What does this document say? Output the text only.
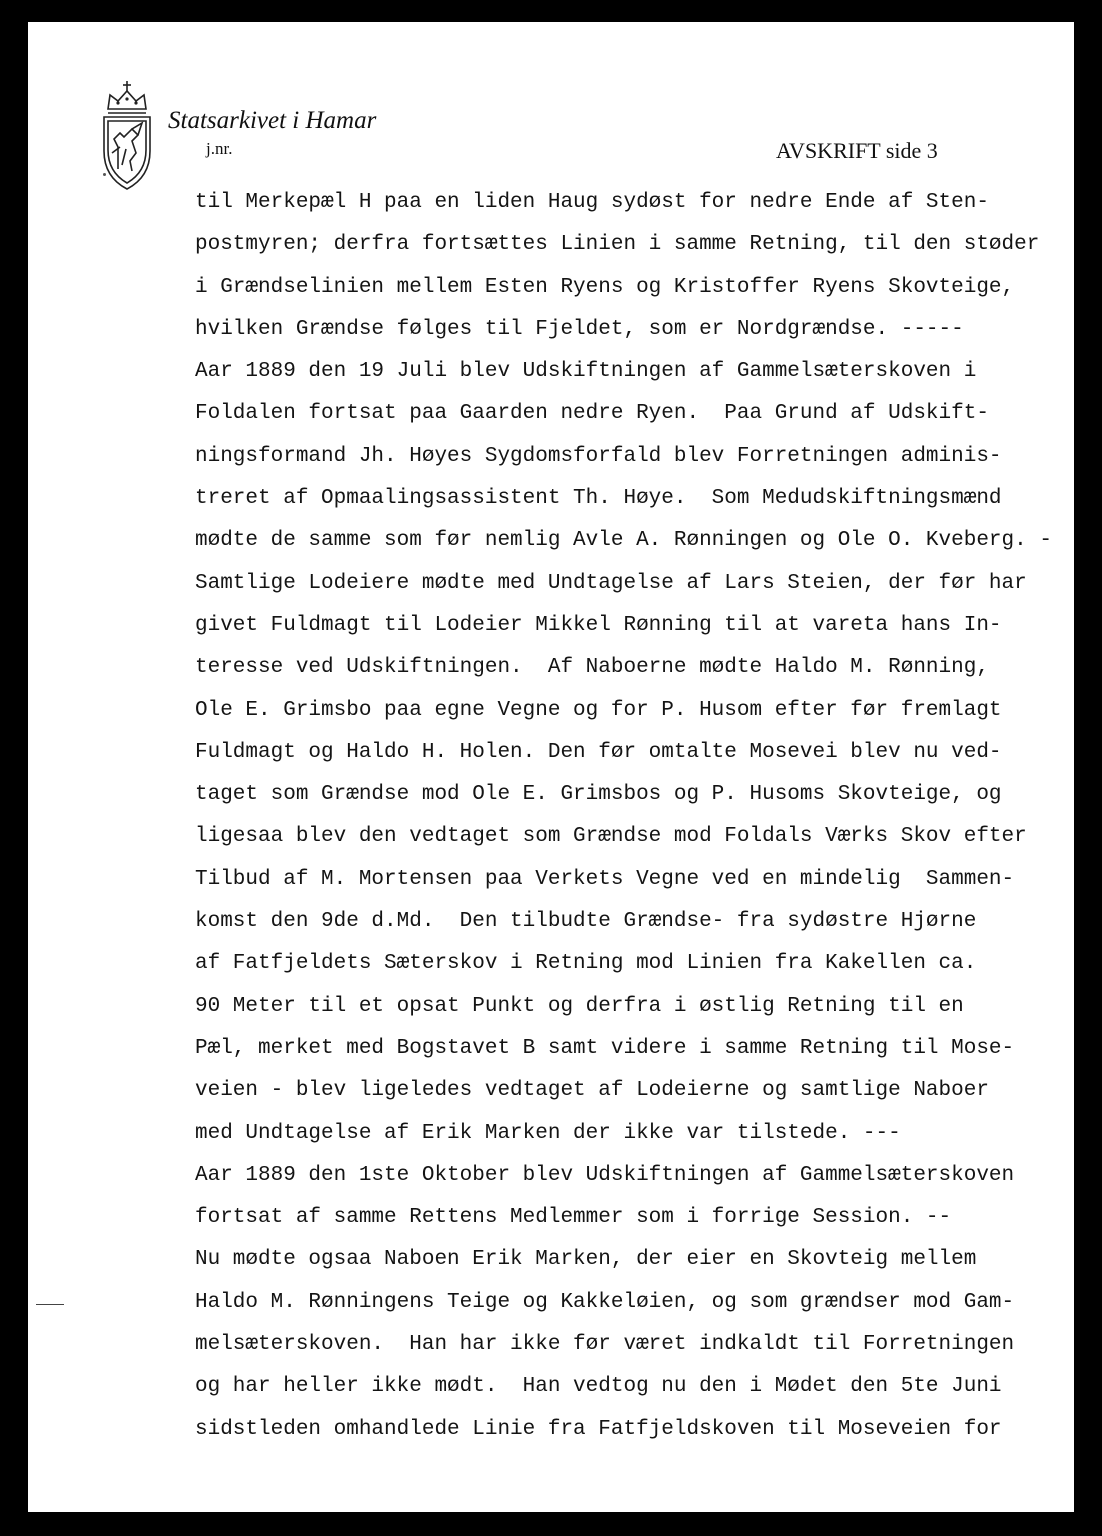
Statsarkivet i Hamar
j.nr.	AVSKRIFT side 3
til Merkepæl H paa en liden Haug sydøst for nedre Ende af Sten-
postmyren; derfra fortsættes Linien i samme Retning, til den støder
i Grændselinien mellem Esten Ryens og Kristoffer Ryens Skovteige,
hvilken Grændse følges til Fjeldet, som er Nordgrændse. -----
Aar 1889 den 19 Juli blev Udskiftningen af Gammelsæterskoven i
Foldalen fortsat paa Gaarden nedre Ryen.  Paa Grund af Udskift-
ningsformand Jh. Høyes Sygdomsforfald blev Forretningen adminis-
treret af Opmaalingsassistent Th. Høye.  Som Medudskiftningsmænd
mødte de samme som før nemlig Avle A. Rønningen og Ole O. Kveberg. -
Samtlige Lodeiere mødte med Undtagelse af Lars Steien, der før har
givet Fuldmagt til Lodeier Mikkel Rønning til at vareta hans In-
teresse ved Udskiftningen.  Af Naboerne mødte Haldo M. Rønning,
Ole E. Grimsbo paa egne Vegne og for P. Husom efter før fremlagt
Fuldmagt og Haldo H. Holen. Den før omtalte Mosevei blev nu ved-
taget som Grændse mod Ole E. Grimsbos og P. Husoms Skovteige, og
ligesaa blev den vedtaget som Grændse mod Foldals Værks Skov efter
Tilbud af M. Mortensen paa Verkets Vegne ved en mindelig  Sammen-
komst den 9de d.Md.  Den tilbudte Grændse- fra sydøstre Hjørne
af Fatfjeldets Sæterskov i Retning mod Linien fra Kakellen ca.
90 Meter til et opsat Punkt og derfra i østlig Retning til en
Pæl, merket med Bogstavet B samt videre i samme Retning til Mose-
veien - blev ligeledes vedtaget af Lodeierne og samtlige Naboer
med Undtagelse af Erik Marken der ikke var tilstede. ---
Aar 1889 den 1ste Oktober blev Udskiftningen af Gammelsæterskoven
fortsat af samme Rettens Medlemmer som i forrige Session. --
Nu mødte ogsaa Naboen Erik Marken, der eier en Skovteig mellem
Haldo M. Rønningens Teige og Kakkeløien, og som grændser mod Gam-
melsæterskoven.  Han har ikke før været indkaldt til Forretningen
og har heller ikke mødt.  Han vedtog nu den i Mødet den 5te Juni
sidstleden omhandlede Linie fra Fatfjeldskoven til Moseveien for
